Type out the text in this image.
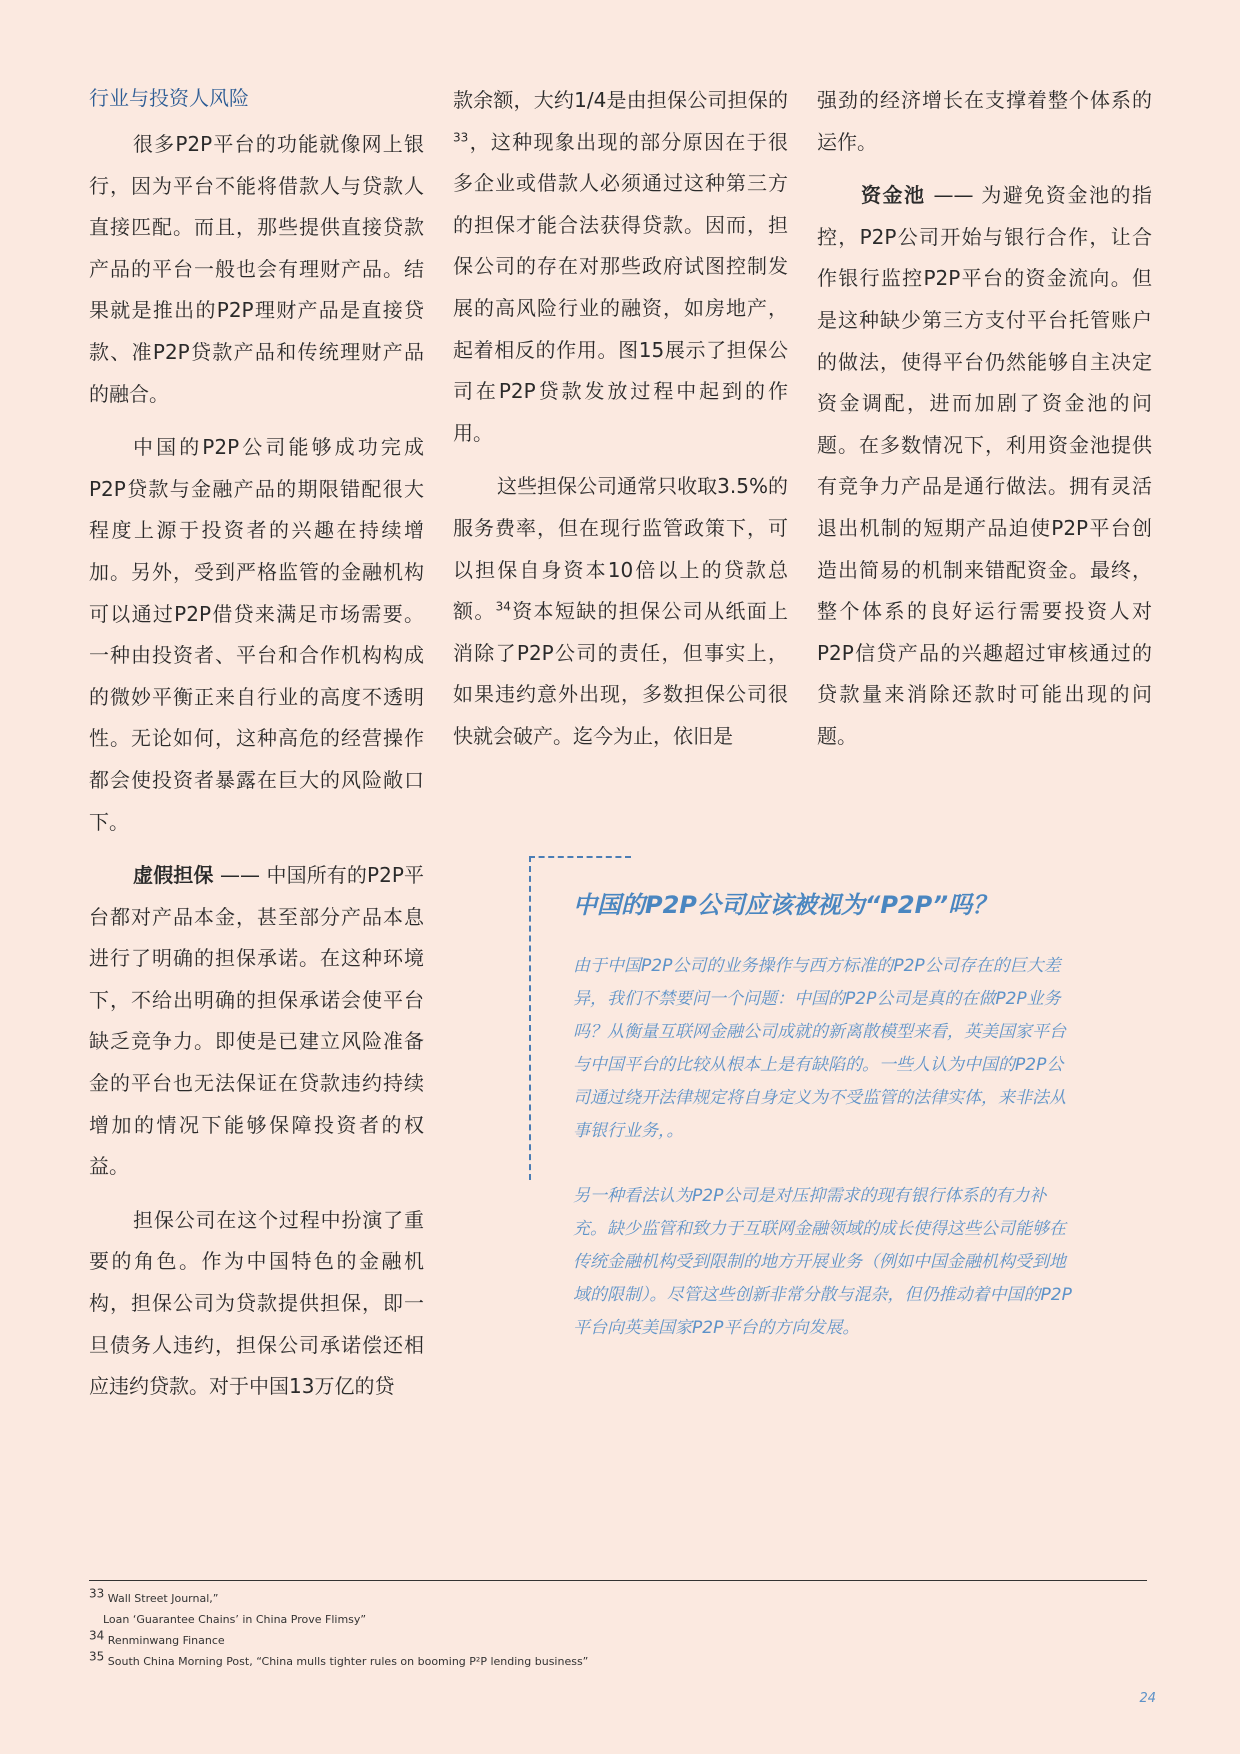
行业与投资人风险

很多P2P平台的功能就像网上银行，因为平台不能将借款人与贷款人直接匹配。而且，那些提供直接贷款产品的平台一般也会有理财产品。结果就是推出的P2P理财产品是直接贷款、准P2P贷款产品和传统理财产品的融合。

中国的P2P公司能够成功完成P2P贷款与金融产品的期限错配很大程度上源于投资者的兴趣在持续增加。另外，受到严格监管的金融机构可以通过P2P借贷来满足市场需要。一种由投资者、平台和合作机构构成的微妙平衡正来自行业的高度不透明性。无论如何，这种高危的经营操作都会使投资者暴露在巨大的风险敞口下。

虚假担保 —— 中国所有的P2P平台都对产品本金，甚至部分产品本息进行了明确的担保承诺。在这种环境下，不给出明确的担保承诺会使平台缺乏竞争力。即使是已建立风险准备金的平台也无法保证在贷款违约持续增加的情况下能够保障投资者的权益。

担保公司在这个过程中扮演了重要的角色。作为中国特色的金融机构，担保公司为贷款提供担保，即一旦债务人违约，担保公司承诺偿还相应违约贷款。对于中国13万亿的贷

款余额，大约1/4是由担保公司担保的$^{33}$，这种现象出现的部分原因在于很多企业或借款人必须通过这种第三方的担保才能合法获得贷款。因而，担保公司的存在对那些政府试图控制发展的高风险行业的融资，如房地产，起着相反的作用。图15展示了担保公司在P2P贷款发放过程中起到的作用。

这些担保公司通常只收取3.5%的服务费率，但在现行监管政策下，可以担保自身资本10倍以上的贷款总额。$^{34}$资本短缺的担保公司从纸面上消除了P2P公司的责任，但事实上，如果违约意外出现，多数担保公司很快就会破产。迄今为止，依旧是

强劲的经济增长在支撑着整个体系的运作。

资金池 —— 为避免资金池的指控，P2P公司开始与银行合作，让合作银行监控P2P平台的资金流向。但是这种缺少第三方支付平台托管账户的做法，使得平台仍然能够自主决定资金调配，进而加剧了资金池的问题。在多数情况下，利用资金池提供有竞争力产品是通行做法。拥有灵活退出机制的短期产品迫使P2P平台创造出简易的机制来错配资金。最终，整个体系的良好运行需要投资人对P2P信贷产品的兴趣超过审核通过的贷款量来消除还款时可能出现的问题。

中国的P2P公司应该被视为“P2P”吗？

由于中国P2P公司的业务操作与西方标准的P2P公司存在的巨大差异，我们不禁要问一个问题：中国的P2P公司是真的在做P2P业务吗？从衡量互联网金融公司成就的新离散模型来看，英美国家平台与中国平台的比较从根本上是有缺陷的。一些人认为中国的P2P公司通过绕开法律规定将自身定义为不受监管的法律实体，来非法从事银行业务，。

另一种看法认为P2P公司是对压抑需求的现有银行体系的有力补充。缺少监管和致力于互联网金融领域的成长使得这些公司能够在传统金融机构受到限制的地方开展业务（例如中国金融机构受到地域的限制）。尽管这些创新非常分散与混杂，但仍推动着中国的P2P平台向英美国家P2P平台的方向发展。

$^{33}$ Wall Street Journal,”
Loan ‘Guarantee Chains’ in China Prove Flimsy”
$^{34}$ Renminwang Finance
$^{35}$ South China Morning Post, “China mulls tighter rules on booming P²P lending business”
24
